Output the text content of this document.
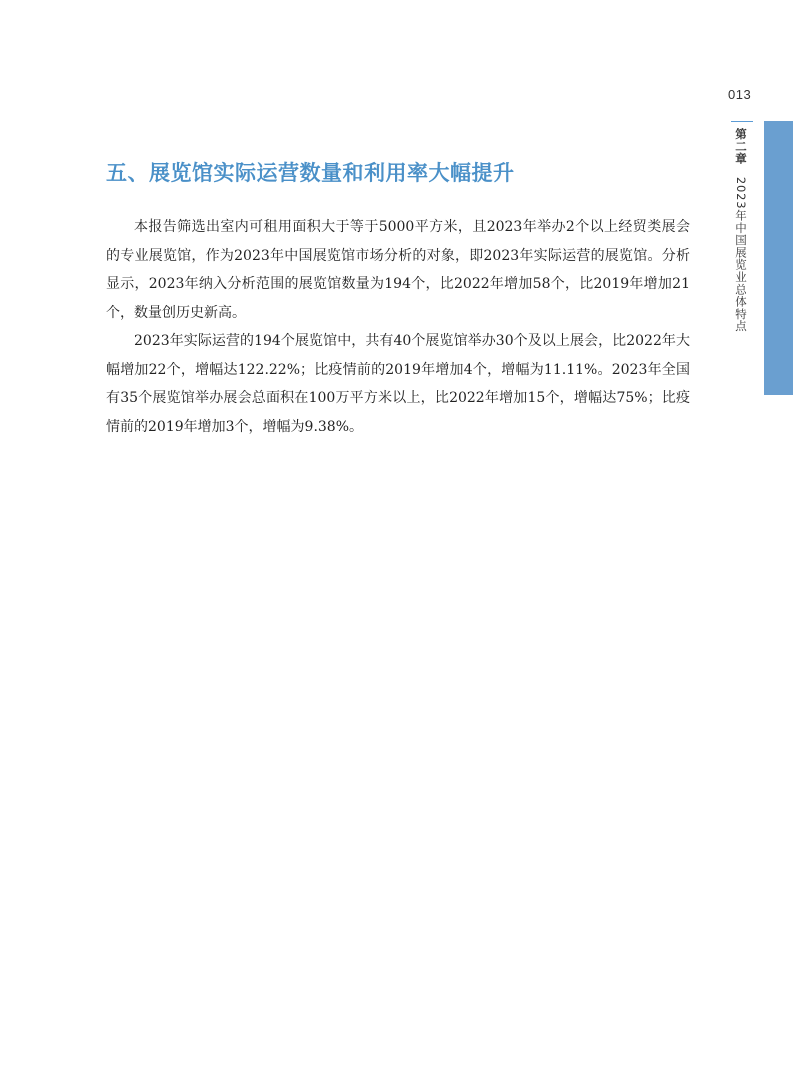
013
第二章2023年中国展览业总体特点
五、展览馆实际运营数量和利用率大幅提升

本报告筛选出室内可租用面积大于等于5000平方米，且2023年举办2个以上经贸类展会的专业展览馆，作为2023年中国展览馆市场分析的对象，即2023年实际运营的展览馆。分析显示，2023年纳入分析范围的展览馆数量为194个，比2022年增加58个，比2019年增加21个，数量创历史新高。

2023年实际运营的194个展览馆中，共有40个展览馆举办30个及以上展会，比2022年大幅增加22个，增幅达122.22%；比疫情前的2019年增加4个，增幅为11.11%。2023年全国有35个展览馆举办展会总面积在100万平方米以上，比2022年增加15个，增幅达75%；比疫情前的2019年增加3个，增幅为9.38%。
